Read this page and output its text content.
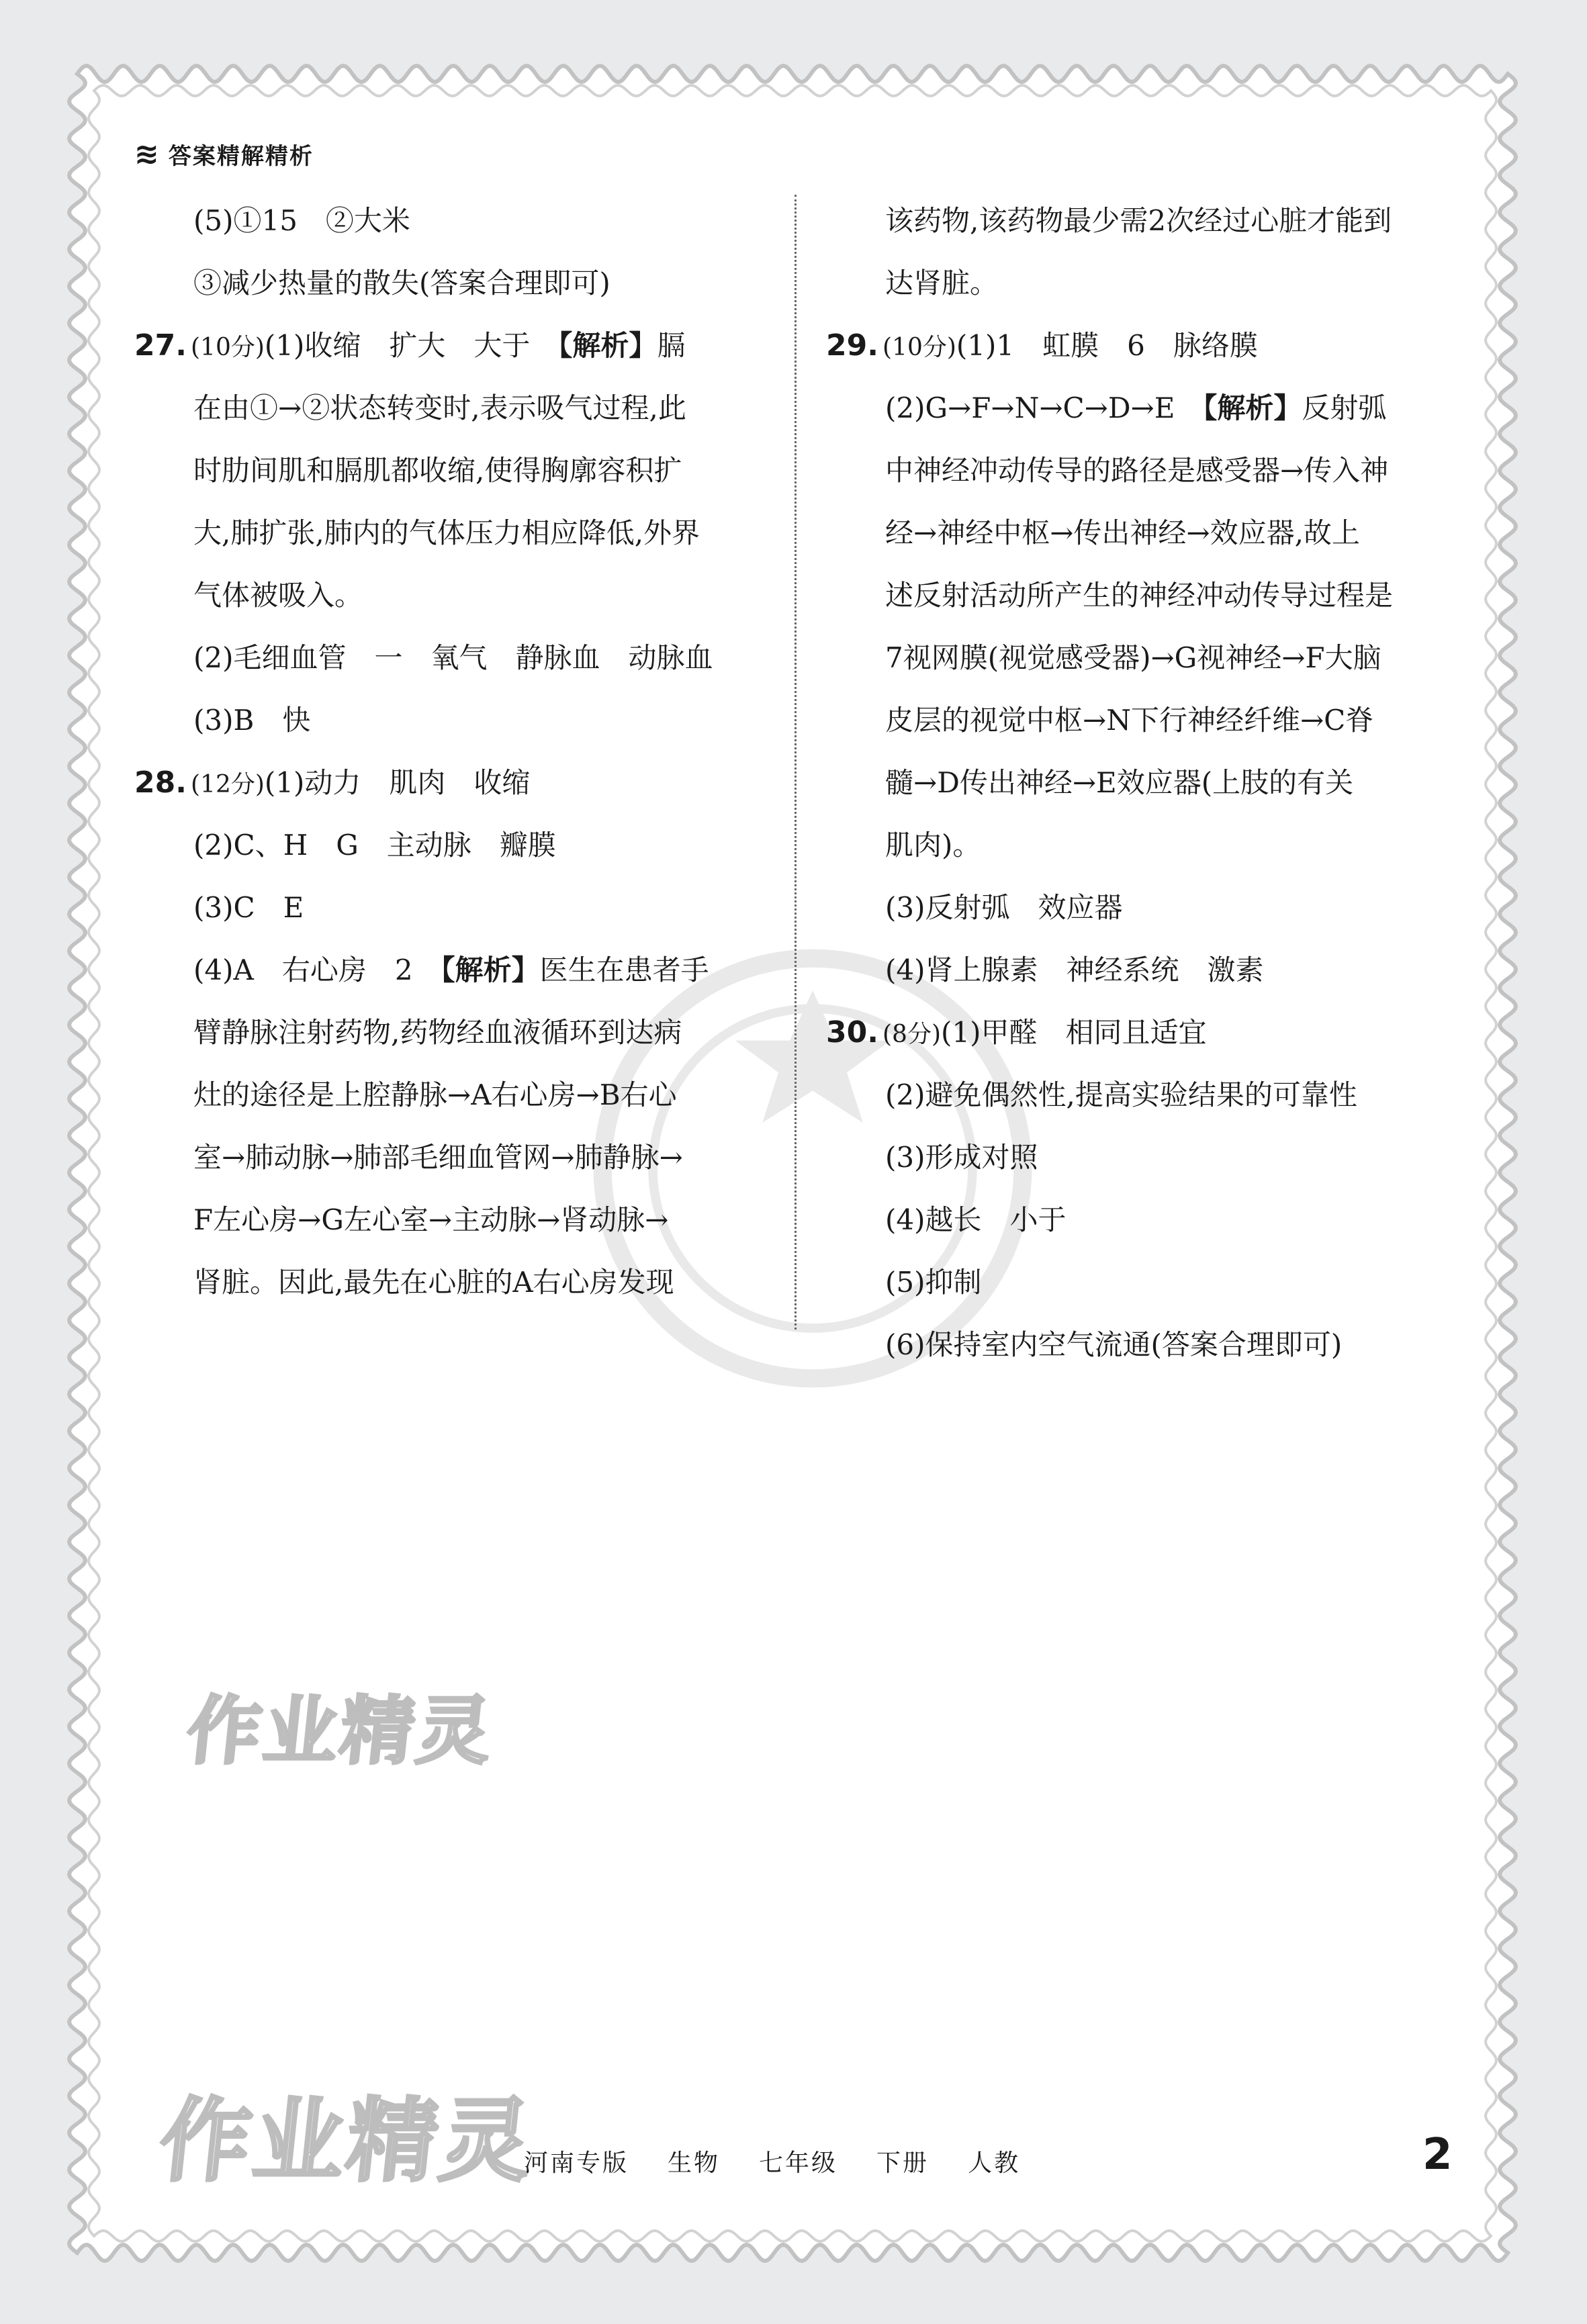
≋ 答案精解精析
(5)①15　②大米
③减少热量的散失(答案合理即可)
27. (10分)(1)收缩　扩大　大于　 【解析】膈
在由①→②状态转变时,表示吸气过程,此
时肋间肌和膈肌都收缩,使得胸廓容积扩
大,肺扩张,肺内的气体压力相应降低,外界
气体被吸入。
(2)毛细血管　一　氧气　静脉血　动脉血
(3)B　快
28. (12分)(1)动力　肌肉　收缩
(2)C、H　G　主动脉　瓣膜
(3)C　E
(4)A　右心房　2　 【解析】医生在患者手
臂静脉注射药物,药物经血液循环到达病
灶的途径是上腔静脉→A右心房→B右心
室→肺动脉→肺部毛细血管网→肺静脉→
F左心房→G左心室→主动脉→肾动脉→
肾脏。因此,最先在心脏的A右心房发现
该药物,该药物最少需2次经过心脏才能到
达肾脏。
29. (10分)(1)1　虹膜　6　脉络膜
(2)G→F→N→C→D→E　 【解析】反射弧
中神经冲动传导的路径是感受器→传入神
经→神经中枢→传出神经→效应器,故上
述反射活动所产生的神经冲动传导过程是
7视网膜(视觉感受器)→G视神经→F大脑
皮层的视觉中枢→N下行神经纤维→C脊
髓→D传出神经→E效应器(上肢的有关
肌肉)。
(3)反射弧　效应器
(4)肾上腺素　神经系统　激素
30. (8分)(1)甲醛　相同且适宜
(2)避免偶然性,提高实验结果的可靠性
(3)形成对照
(4)越长　小于
(5)抑制
(6)保持室内空气流通(答案合理即可)
作业精灵
作业精灵
河南专版 生物 七年级 下册 人教	2
